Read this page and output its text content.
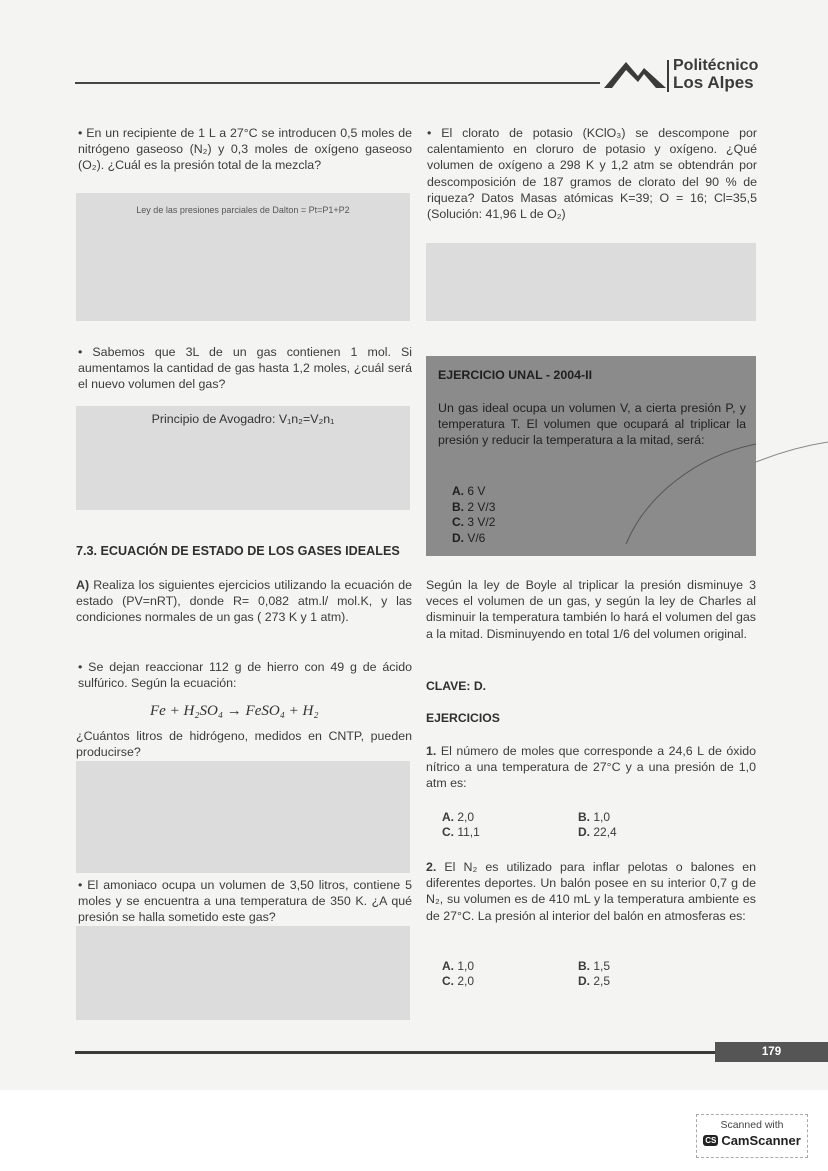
Politécnico
Los Alpes

• En un recipiente de 1 L a 27°C se introducen 0,5 moles de nitrógeno gaseoso (N₂) y 0,3 moles de oxígeno gaseoso (O₂). ¿Cuál es la presión total de la mezcla?

Ley de las presiones parciales de Dalton = Pt=P1+P2

• Sabemos que 3L de un gas contienen 1 mol. Si aumentamos la cantidad de gas hasta 1,2 moles, ¿cuál será el nuevo volumen del gas?

Principio de Avogadro: V₁n₂=V₂n₁
7.3. ECUACIÓN DE ESTADO DE LOS GASES IDEALES

A) Realiza los siguientes ejercicios utilizando la ecuación de estado (PV=nRT), donde R= 0,082 atm.l/ mol.K, y las condiciones normales de un gas ( 273 K y 1 atm).

• Se dejan reaccionar 112 g de hierro con 49 g de ácido sulfúrico. Según la ecuación:

Fe + H₂SO₄ → FeSO₄ + H₂

¿Cuántos litros de hidrógeno, medidos en CNTP, pueden producirse?

• El amoniaco ocupa un volumen de 3,50 litros, contiene 5 moles y se encuentra a una temperatura de 350 K. ¿A qué presión se halla sometido este gas?

• El clorato de potasio (KClO₃) se descompone por calentamiento en cloruro de potasio y oxígeno. ¿Qué volumen de oxígeno a 298 K y 1,2 atm se obtendrán por descomposición de 187 gramos de clorato del 90 % de riqueza? Datos Masas atómicas K=39; O = 16; Cl=35,5 (Solución: 41,96 L de O₂)

EJERCICIO UNAL - 2004-II

Un gas ideal ocupa un volumen V, a cierta presión P, y temperatura T. El volumen que ocupará al triplicar la presión y reducir la temperatura a la mitad, será:

A. 6 V
B. 2 V/3
C. 3 V/2
D. V/6

Según la ley de Boyle al triplicar la presión disminuye 3 veces el volumen de un gas, y según la ley de Charles al disminuir la temperatura también lo hará el volumen del gas a la mitad. Disminuyendo en total 1/6 del volumen original.

CLAVE: D.
EJERCICIOS

1. El número de moles que corresponde a 24,6 L de óxido nítrico a una temperatura de 27°C y a una presión de 1,0 atm es:

A. 2,0	B. 1,0
C. 11,1	D. 22,4

2. El N₂ es utilizado para inflar pelotas o balones en diferentes deportes. Un balón posee en su interior 0,7 g de N₂, su volumen es de 410 mL y la temperatura ambiente es de 27°C. La presión al interior del balón en atmosferas es:

A. 1,0	B. 1,5
C. 2,0	D. 2,5
179
Scanned with
CS CamScanner
